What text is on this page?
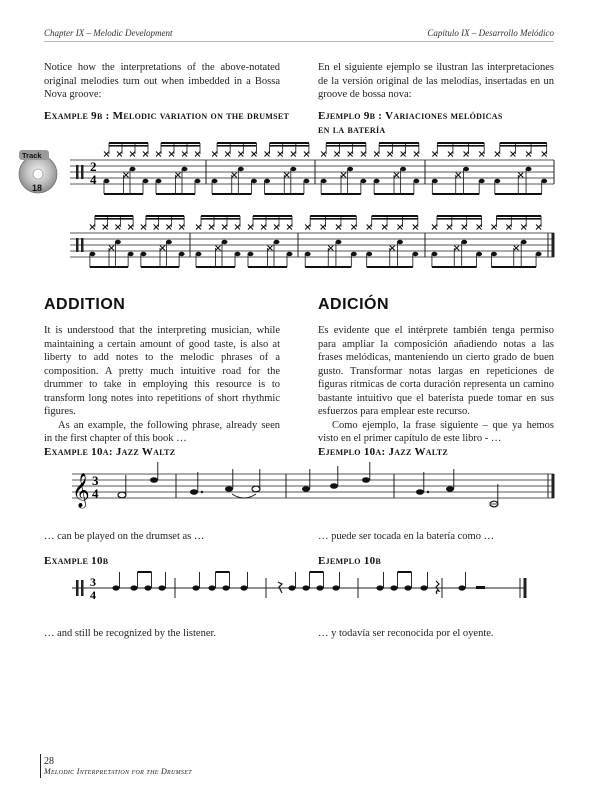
Chapter IX – Melodic Development	Capítulo IX – Desarrollo Melódico

Notice how the interpretations of the above-notated original melodies turn out when imbedded in a Bossa Nova groove:

En el siguiente ejemplo se ilustran las interpretaciones de la versión original de las melodías, insertadas en un groove de bossa nova:

Example 9b : Melodic variation on the drumset	Ejemplo 9b : Variaciones melódicas
en la batería
Track
18
2
4
ADDITION	ADICIÓN

It is understood that the interpreting musician, while maintaining a certain amount of good taste, is also at liberty to add notes to the melodic phrases of a composition. A pretty much intuitive road for the drummer to take in employing this resource is to transform long notes into repetitions of short rhythmic figures.

As an example, the following phrase, already seen in the first chapter of this book …

Es evidente que el intérprete también tenga permiso para ampliar la composición añadiendo notas a las frases melódicas, manteniendo un cierto grado de buen gusto. Transformar notas largas en repeticiones de figuras rítmicas de corta duración representa un camino bastante intuitivo que el baterista puede tomar en sus esfuerzos para emplear este recurso.

Como ejemplo, la frase siguiente – que ya hemos visto en el primer capítulo de este libro - …

Example 10a: Jazz Waltz	Ejemplo 10a: Jazz Waltz
𝄞 3
4

… can be played on the drumset as …	… puede ser tocada en la batería como …

Example 10b	Ejemplo 10b
3
4

… and still be recognized by the listener.	… y todavía ser reconocida por el oyente.

28
Melodic Interpretation for the Drumset
